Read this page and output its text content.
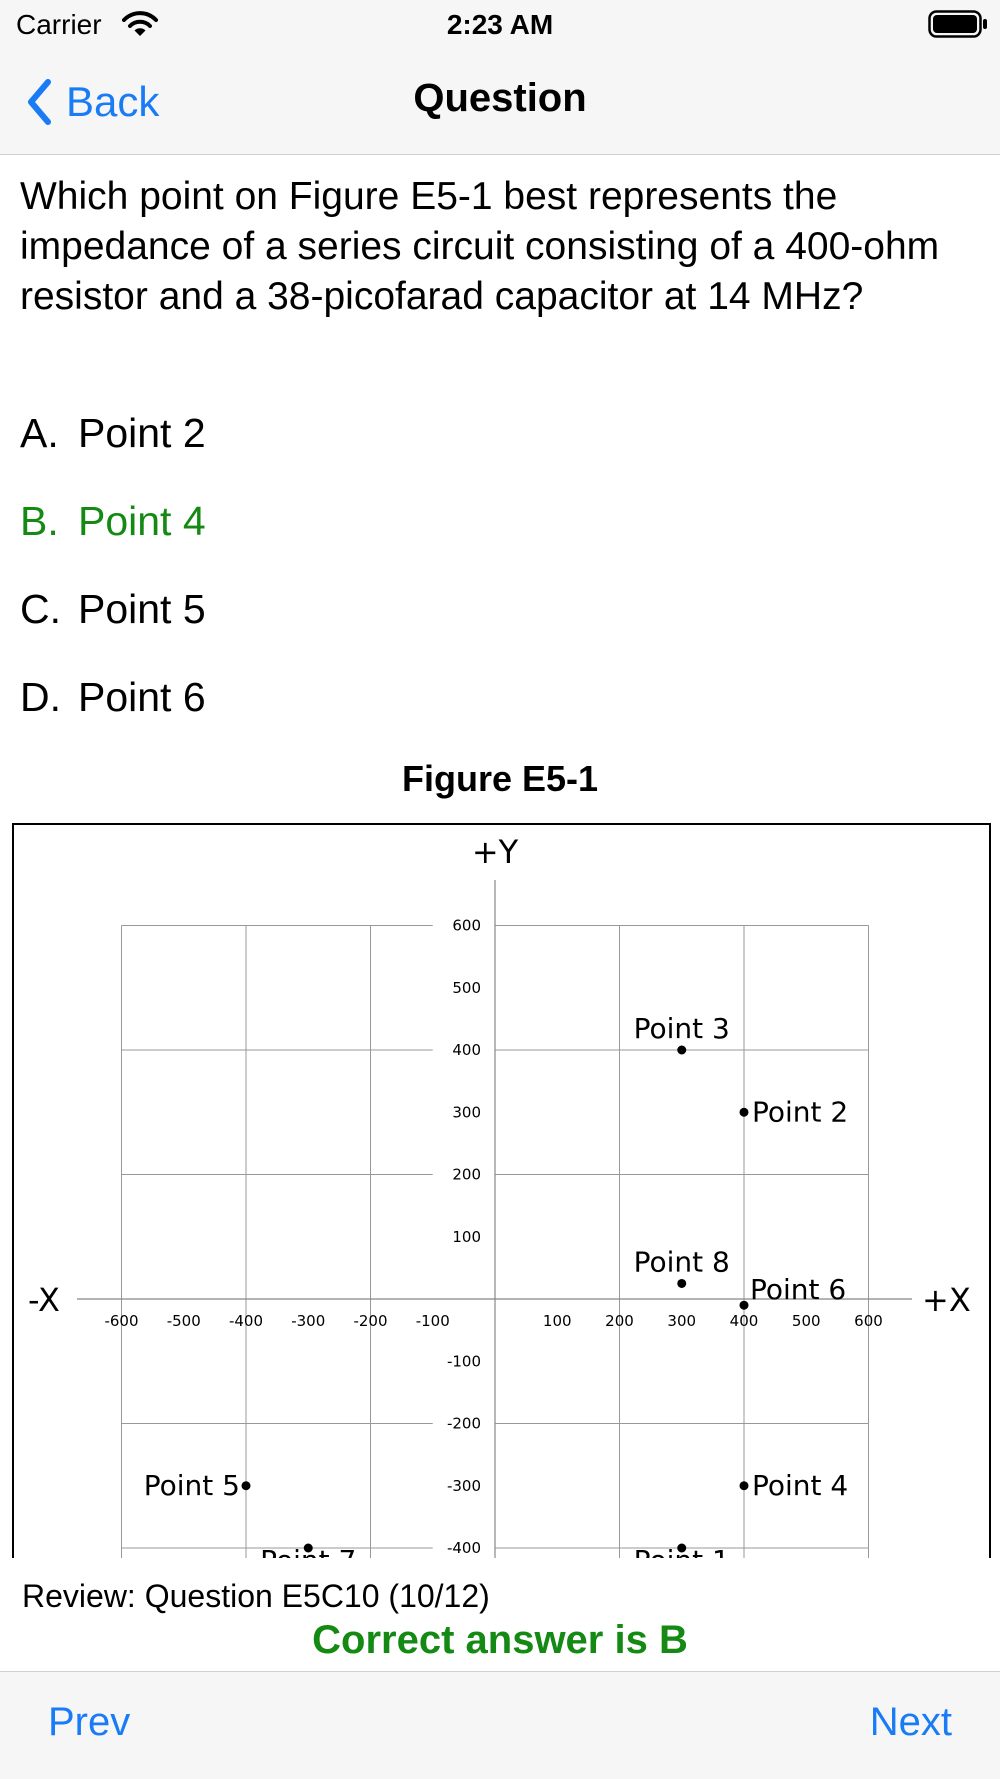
Carrier	2:23 AM
Back	Question

Which point on Figure E5-1 best represents the impedance of a series circuit consisting of a 400-ohm resistor and a 38-picofarad capacitor at 14 MHz?

A. Point 2
B. Point 4
C. Point 5
D. Point 6
Figure E5-1
+Y
-X	+X
-600 -500 -400 -300 -200 -100	100 200 300 400 500 600
600
500
400
300
200
100
-100
-200
-300
-400
Point 3
Point 2
Point 8
Point 6
Point 5	Point 4
Review: Question E5C10 (10/12)
Correct answer is B
Prev	Next
